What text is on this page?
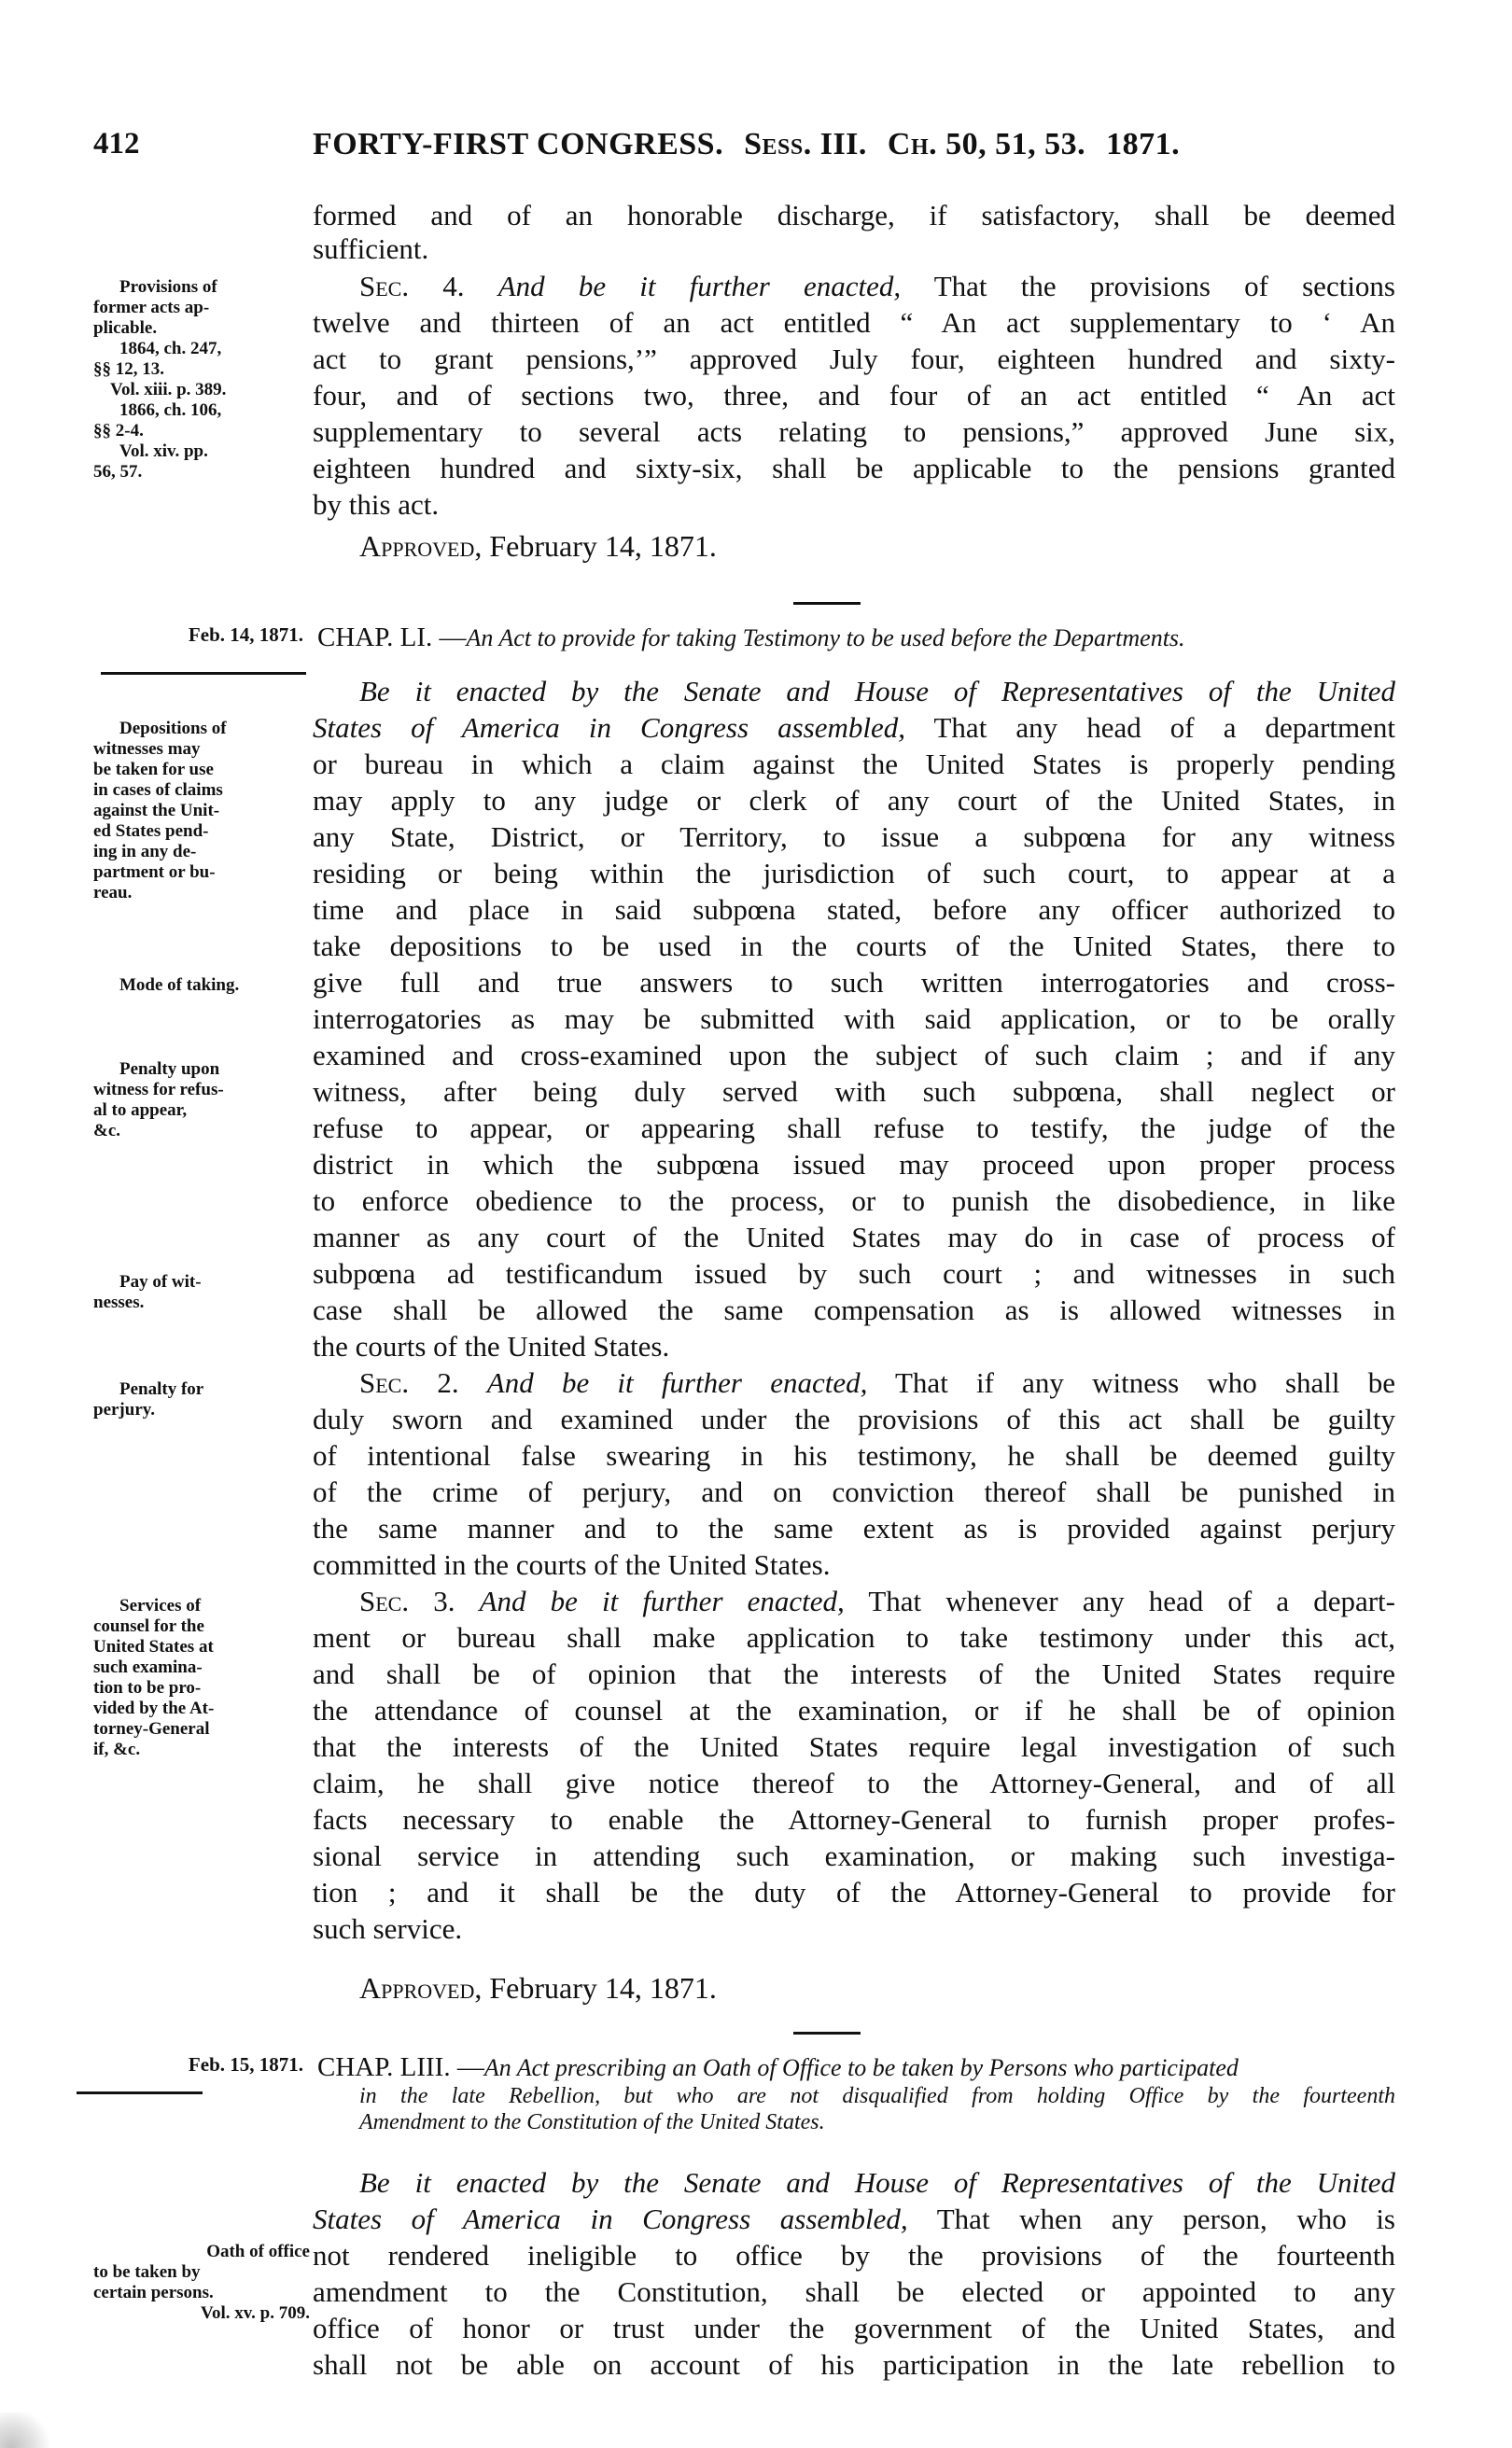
412	FORTY-FIRST CONGRESS. Sess. III. Ch. 50, 51, 53. 1871.
formed and of an honorable discharge, if satisfactory, shall be deemed
sufficient.
Sec. 4. And be it further enacted, That the provisions of sections
twelve and thirteen of an act entitled “ An act supplementary to ‘ An
act to grant pensions,’” approved July four, eighteen hundred and sixty-
four, and of sections two, three, and four of an act entitled “ An act
supplementary to several acts relating to pensions,” approved June six,
eighteen hundred and sixty-six, shall be applicable to the pensions granted
by this act.
Approved, February 14, 1871.
Provisions of
former acts ap-
plicable.
1864, ch. 247,
§§ 12, 13.
Vol. xiii. p. 389.
1866, ch. 106,
§§ 2-4.
Vol. xiv. pp.
56, 57.
Feb. 14, 1871. CHAP. LI. —An Act to provide for taking Testimony to be used before the Departments.
Be it enacted by the Senate and House of Representatives of the United
States of America in Congress assembled, That any head of a department
or bureau in which a claim against the United States is properly pending
may apply to any judge or clerk of any court of the United States, in
any State, District, or Territory, to issue a subpœna for any witness
residing or being within the jurisdiction of such court, to appear at a
time and place in said subpœna stated, before any officer authorized to
take depositions to be used in the courts of the United States, there to
give full and true answers to such written interrogatories and cross-
interrogatories as may be submitted with said application, or to be orally
examined and cross-examined upon the subject of such claim ; and if any
witness, after being duly served with such subpœna, shall neglect or
refuse to appear, or appearing shall refuse to testify, the judge of the
district in which the subpœna issued may proceed upon proper process
to enforce obedience to the process, or to punish the disobedience, in like
manner as any court of the United States may do in case of process of
subpœna ad testificandum issued by such court ; and witnesses in such
case shall be allowed the same compensation as is allowed witnesses in
the courts of the United States.
Depositions of
witnesses may
be taken for use
in cases of claims
against the Unit-
ed States pend-
ing in any de-
partment or bu-
reau.
Mode of taking.
Penalty upon
witness for refus-
al to appear,
&c.
Pay of wit-
nesses.
Sec. 2. And be it further enacted, That if any witness who shall be
duly sworn and examined under the provisions of this act shall be guilty
of intentional false swearing in his testimony, he shall be deemed guilty
of the crime of perjury, and on conviction thereof shall be punished in
the same manner and to the same extent as is provided against perjury
committed in the courts of the United States.
Penalty for
perjury.
Sec. 3. And be it further enacted, That whenever any head of a depart-
ment or bureau shall make application to take testimony under this act,
and shall be of opinion that the interests of the United States require
the attendance of counsel at the examination, or if he shall be of opinion
that the interests of the United States require legal investigation of such
claim, he shall give notice thereof to the Attorney-General, and of all
facts necessary to enable the Attorney-General to furnish proper profes-
sional service in attending such examination, or making such investiga-
tion ; and it shall be the duty of the Attorney-General to provide for
such service.
Services of
counsel for the
United States at
such examina-
tion to be pro-
vided by the At-
torney-General
if, &c.
Approved, February 14, 1871.
Feb. 15, 1871. CHAP. LIII. —An Act prescribing an Oath of Office to be taken by Persons who participated
in the late Rebellion, but who are not disqualified from holding Office by the fourteenth
Amendment to the Constitution of the United States.
Be it enacted by the Senate and House of Representatives of the United
States of America in Congress assembled, That when any person, who is
not rendered ineligible to office by the provisions of the fourteenth
amendment to the Constitution, shall be elected or appointed to any
office of honor or trust under the government of the United States, and
shall not be able on account of his participation in the late rebellion to
Oath of office
to be taken by
certain persons.
Vol. xv. p. 709.
